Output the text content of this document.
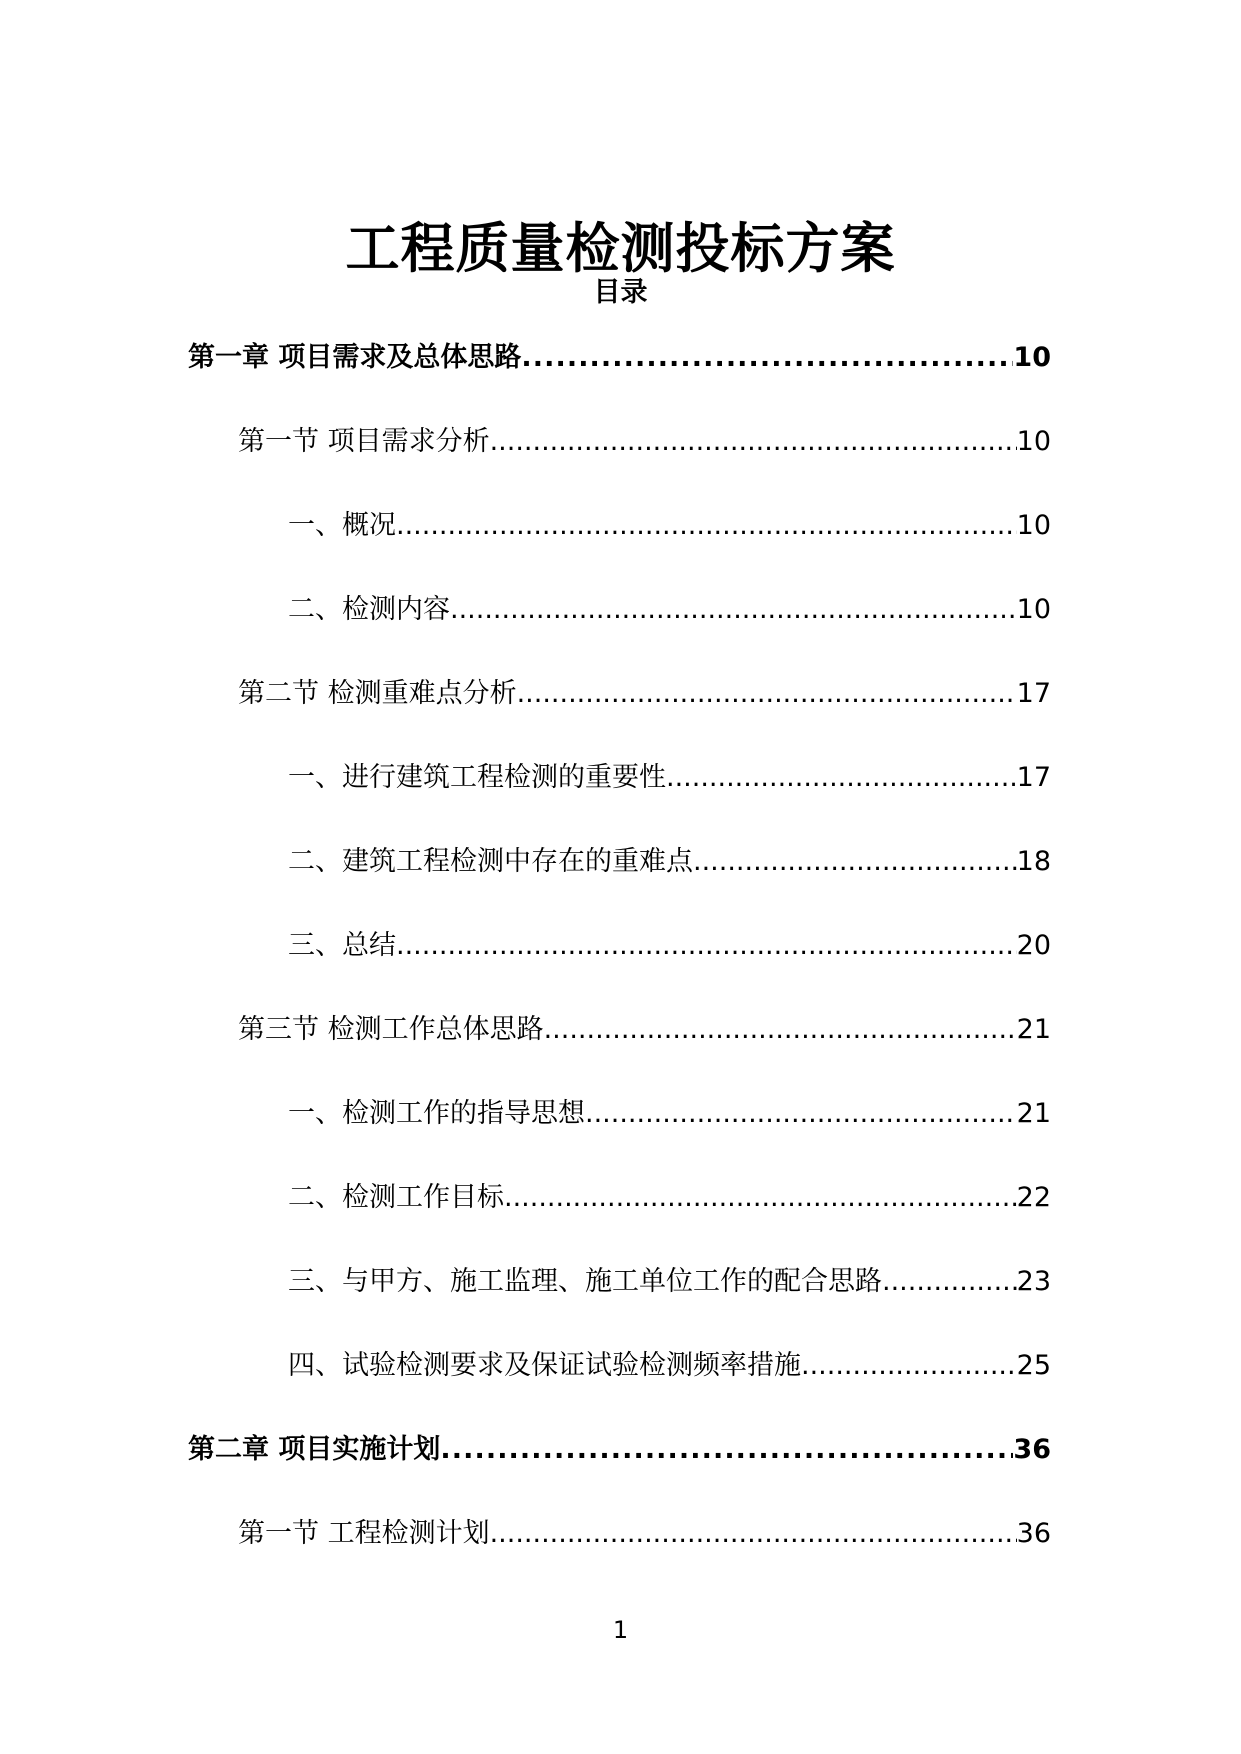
工程质量检测投标方案
目录
第一章 项目需求及总体思路 .....	10
第一节 项目需求分析 .....	10
一、概况 .....	10
二、检测内容 .....	10
第二节 检测重难点分析 .....	17
一、进行建筑工程检测的重要性 .....	17
二、建筑工程检测中存在的重难点 .....	18
三、总结 .....	20
第三节 检测工作总体思路 .....	21
一、检测工作的指导思想 .....	21
二、检测工作目标 .....	22
三、与甲方、施工监理、施工单位工作的配合思路 .....	23
四、试验检测要求及保证试验检测频率措施 .....	25
第二章 项目实施计划 .....	36
第一节 工程检测计划 .....	36
1
